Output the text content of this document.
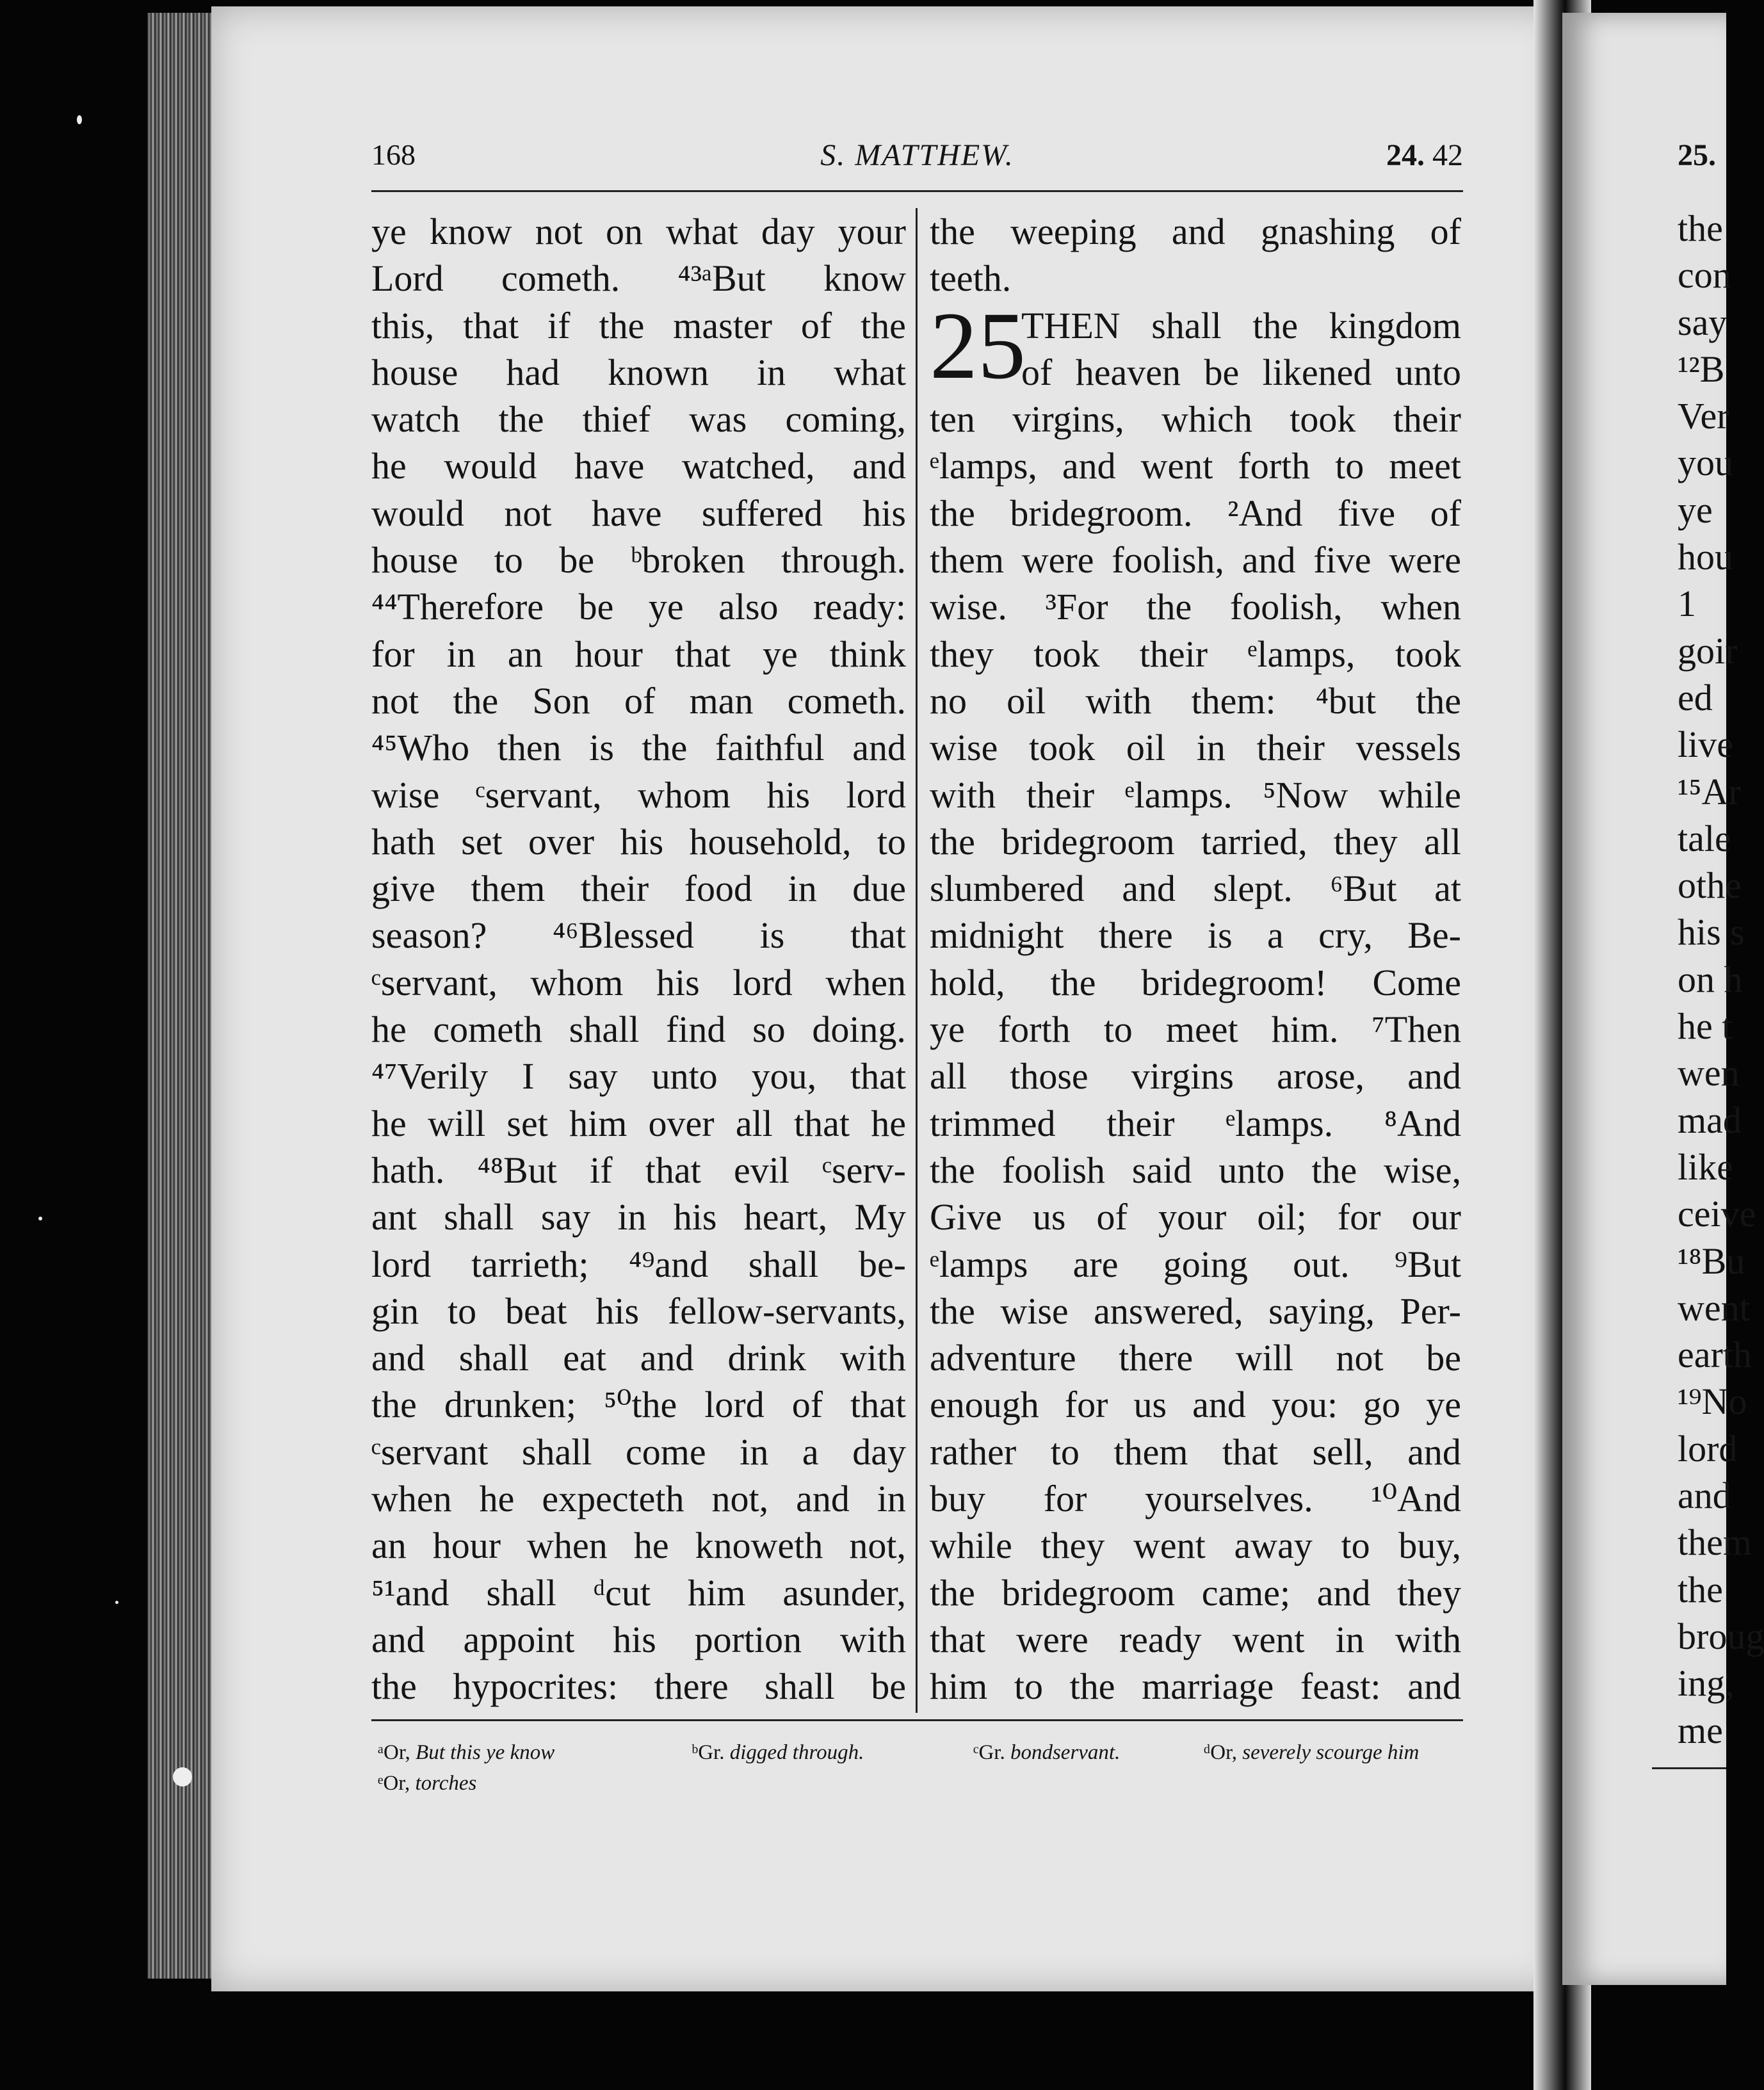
168	S. MATTHEW.	24. 42
ye know not on what day your
Lord cometh. ⁴³ᵃBut know
this, that if the master of the
house had known in what
watch the thief was coming,
he would have watched, and
would not have suffered his
house to be ᵇbroken through.
⁴⁴Therefore be ye also ready:
for in an hour that ye think
not the Son of man cometh.
⁴⁵Who then is the faithful and
wise ᶜservant, whom his lord
hath set over his household, to
give them their food in due
season? ⁴⁶Blessed is that
ᶜservant, whom his lord when
he cometh shall find so doing.
⁴⁷Verily I say unto you, that
he will set him over all that he
hath. ⁴⁸But if that evil ᶜserv-
ant shall say in his heart, My
lord tarrieth; ⁴⁹and shall be-
gin to beat his fellow-servants,
and shall eat and drink with
the drunken; ⁵⁰the lord of that
ᶜservant shall come in a day
when he expecteth not, and in
an hour when he knoweth not,
⁵¹and shall ᵈcut him asunder,
and appoint his portion with
the hypocrites: there shall be
25
the weeping and gnashing of
teeth.
THEN shall the kingdom
of heaven be likened unto
ten virgins, which took their
ᵉlamps, and went forth to meet
the bridegroom. ²And five of
them were foolish, and five were
wise. ³For the foolish, when
they took their ᵉlamps, took
no oil with them: ⁴but the
wise took oil in their vessels
with their ᵉlamps. ⁵Now while
the bridegroom tarried, they all
slumbered and slept. ⁶But at
midnight there is a cry, Be-
hold, the bridegroom! Come
ye forth to meet him. ⁷Then
all those virgins arose, and
trimmed their ᵉlamps. ⁸And
the foolish said unto the wise,
Give us of your oil; for our
ᵉlamps are going out. ⁹But
the wise answered, saying, Per-
adventure there will not be
enough for us and you: go ye
rather to them that sell, and
buy for yourselves. ¹⁰And
while they went away to buy,
the bridegroom came; and they
that were ready went in with
him to the marriage feast: and
ᵃOr, But this ye know	ᵇGr. digged through.	ᶜGr. bondservant.	ᵈOr, severely scourge him
ᵉOr, torches
25.
the
con
say
¹²B
Ver
you
ye
hou
1
goir
ed
live
¹⁵Ar
tale
othe
his s
on h
he t
wen
mad
like
ceive
¹⁸Bu
went
earth
¹⁹No
lord
and
them
the
broug
ing,
me
